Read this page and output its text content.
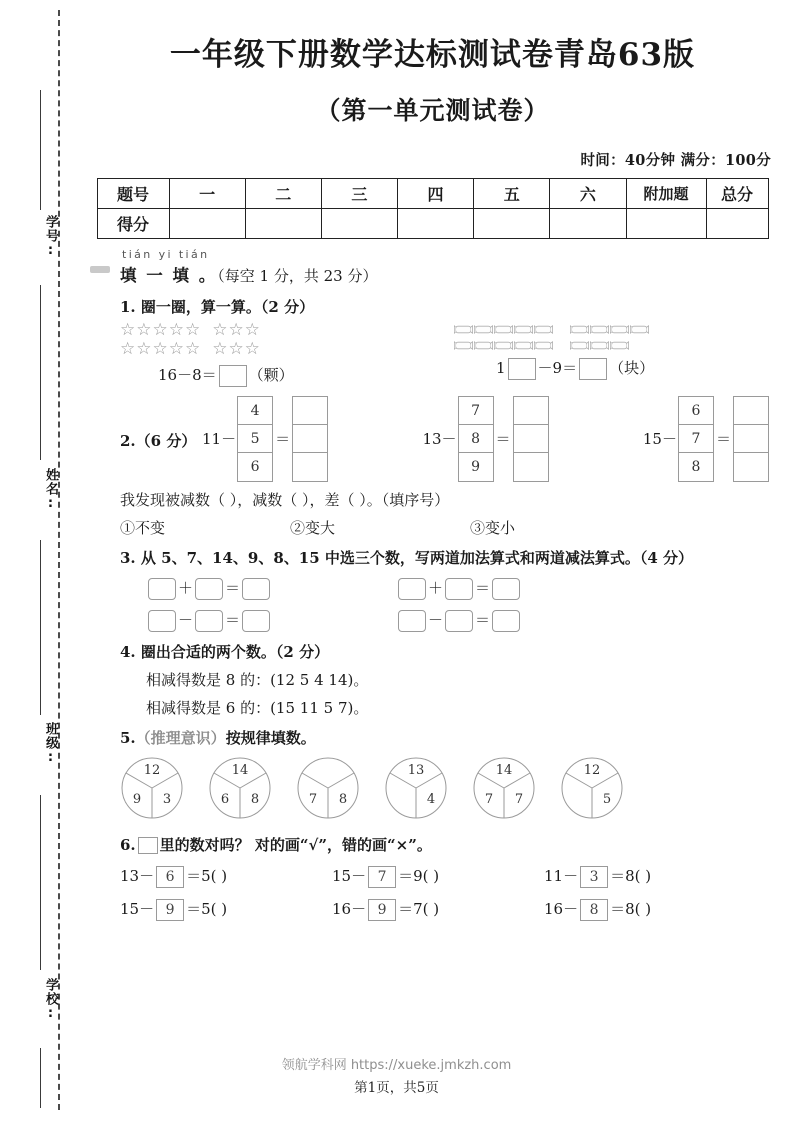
学号:
姓名:
班级:
学校:
一年级下册数学达标测试卷青岛63版
（第一单元测试卷）
时间：40分钟 满分：100分
题号	一	二	三	四	五	六	附加题	总分
得分								
tián yi tián
填 一 填 。（每空 1 分，共 23 分）
1. 圈一圈，算一算。（2 分）
☆☆☆☆☆ ☆☆☆
☆☆☆☆☆ ☆☆☆
16－8＝ （颗）	1 －9＝ （块）
2.（6 分） 11－
4
5
6
＝	13－
7
8
9
＝	15－
6
7
8
＝
我发现被减数（ ），减数（ ），差（ ）。（填序号）
①不变	②变大	③变小
3. 从 5、7、14、9、8、15 中选三个数，写两道加法算式和两道减法算式。（4 分）
＋ ＝	＋ ＝
－ ＝	－ ＝
4. 圈出合适的两个数。（2 分）
相减得数是 8 的：(12 5 4 14)。
相减得数是 6 的：(15 11 5 7)。
5.（推理意识）按规律填数。
12
9	3
14
6	8	7	8
13
4
14
7	7
12
5
6. 里的数对吗？ 对的画“√”，错的画“×”。
13－ 6 ＝5( )	15－ 7 ＝9( )	11－ 3 ＝8( )
15－ 9 ＝5( )	16－ 9 ＝7( )	16－ 8 ＝8( )
领航学科网 https://xueke.jmkzh.com
第1页，共5页
